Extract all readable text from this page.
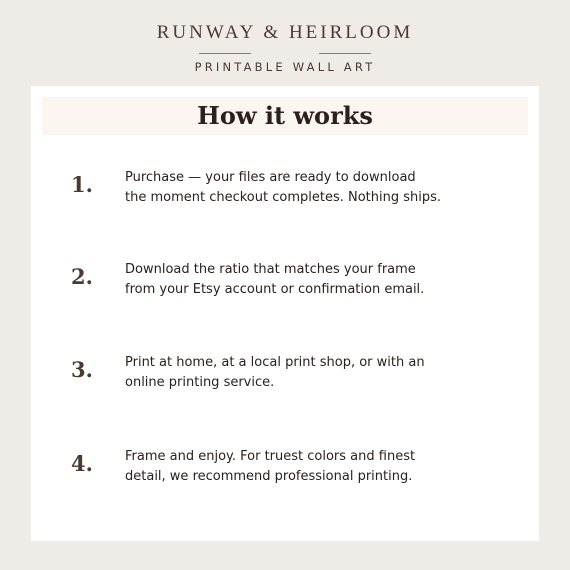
RUNWAY & HEIRLOOM
PRINTABLE WALL ART
How it works
1. Purchase — your files are ready to download
the moment checkout completes. Nothing ships.
2. Download the ratio that matches your frame
from your Etsy account or confirmation email.
3. Print at home, at a local print shop, or with an
online printing service.
4. Frame and enjoy. For truest colors and finest
detail, we recommend professional printing.
